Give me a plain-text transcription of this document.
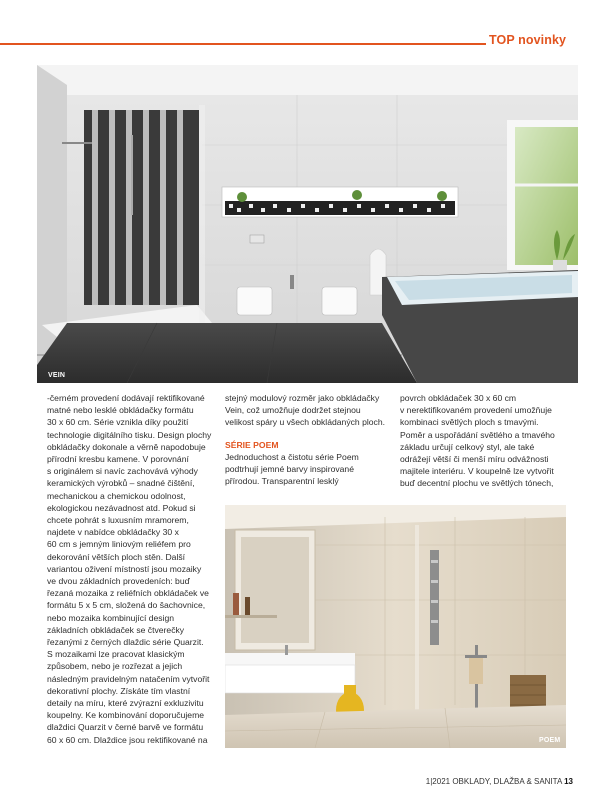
TOP novinky
VEIN

-černém provedení dodávají rektifikované

matné nebo lesklé obkládačky formátu

30 x 60 cm. Série vznikla díky použití

technologie digitálního tisku. Design plochy

obkládačky dokonale a věrně napodobuje

přírodní kresbu kamene. V porovnání

s originálem si navíc zachovává výhody

keramických výrobků – snadné čištění,

mechanickou a chemickou odolnost,

ekologickou nezávadnost atd. Pokud si

chcete pohrát s luxusním mramorem,

najdete v nabídce obkládačky 30 x

60 cm s jemným liniovým reliéfem pro

dekorování větších ploch stěn. Další

variantou oživení místností jsou mozaiky

ve dvou základních provedeních: buď

řezaná mozaika z reliéfních obkládaček ve

formátu 5 x 5 cm, složená do šachovnice,

nebo mozaika kombinující design

základních obkládaček se čtverečky

řezanými z černých dlaždic série Quarzit.

S mozaikami lze pracovat klasickým

způsobem, nebo je rozřezat a jejich

následným pravidelným natačením vytvořit

dekorativní plochy. Získáte tím vlastní

detaily na míru, které zvýrazní exkluzivitu

koupelny. Ke kombinování doporučujeme

dlaždici Quarzit v černé barvě ve formátu

60 x 60 cm. Dlaždice jsou rektifikované na

stejný modulový rozměr jako obkládačky

Vein, což umožňuje dodržet stejnou

velikost spáry u všech obkládaných ploch.

SÉRIE POEM

Jednoduchost a čistotu série Poem

podtrhují jemné barvy inspirované

přírodou. Transparentní lesklý

povrch obkládaček 30 x 60 cm

v nerektifikovaném provedení umožňuje

kombinaci světlých ploch s tmavými.

Poměr a uspořádání světlého a tmavého

základu určují celkový styl, ale také

odrážejí větší či menší míru odvážnosti

majitele interiéru. V koupelně lze vytvořit

buď decentní plochu ve světlých tónech,

POEM
1|2021 OBKLADY, DLAŽBA & SANITA 13
